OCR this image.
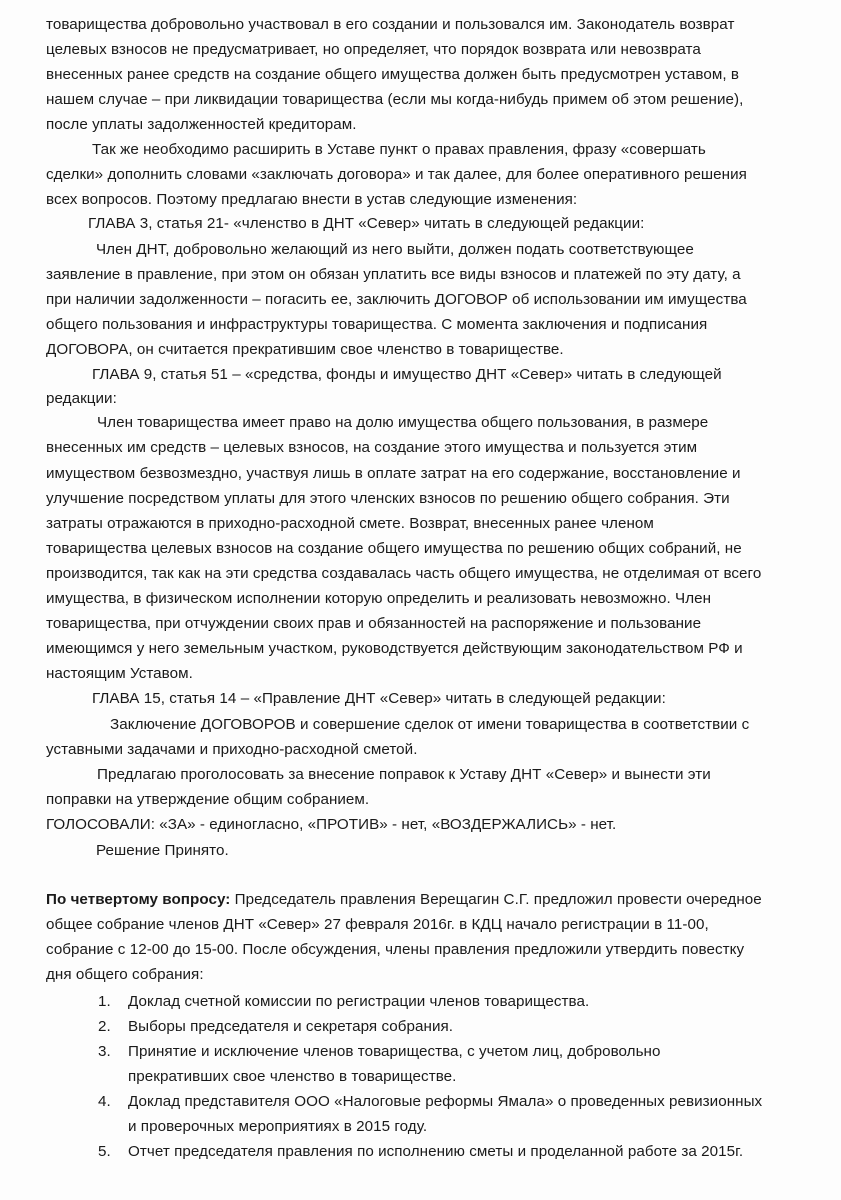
товарищества добровольно участвовал в его создании и пользовался им. Законодатель возврат
целевых взносов не предусматривает, но определяет, что порядок возврата или невозврата
внесенных ранее средств на создание общего имущества должен быть предусмотрен уставом, в
нашем случае – при ликвидации товарищества (если мы когда-нибудь примем об этом решение),
после уплаты задолженностей кредиторам.
Так же необходимо расширить в Уставе пункт о правах правления, фразу «совершать
сделки» дополнить словами «заключать договора» и так далее, для более оперативного решения
всех вопросов. Поэтому предлагаю внести в устав следующие изменения:
ГЛАВА 3, статья 21- «членство в ДНТ «Север» читать в следующей редакции:
Член ДНТ, добровольно желающий из него выйти, должен подать соответствующее
заявление в правление, при этом он обязан уплатить все виды взносов и платежей по эту дату, а
при наличии задолженности – погасить ее, заключить ДОГОВОР об использовании им имущества
общего пользования и инфраструктуры товарищества. С момента заключения и подписания
ДОГОВОРА, он считается прекратившим свое членство в товариществе.
ГЛАВА 9, статья 51 – «средства, фонды и имущество ДНТ «Север» читать в следующей
редакции:
Член товарищества имеет право на долю имущества общего пользования, в размере
внесенных им средств – целевых взносов, на создание этого имущества и пользуется этим
имуществом безвозмездно, участвуя лишь в оплате затрат на его содержание, восстановление и
улучшение посредством уплаты для этого членских взносов по решению общего собрания. Эти
затраты отражаются в приходно-расходной смете. Возврат, внесенных ранее членом
товарищества целевых взносов на создание общего имущества по решению общих собраний, не
производится, так как на эти средства создавалась часть общего имущества, не отделимая от всего
имущества, в физическом исполнении которую определить и реализовать невозможно. Член
товарищества, при отчуждении своих прав и обязанностей на распоряжение и пользование
имеющимся у него земельным участком, руководствуется действующим законодательством РФ и
настоящим Уставом.
ГЛАВА 15, статья 14 – «Правление ДНТ «Север» читать в следующей редакции:
Заключение ДОГОВОРОВ и совершение сделок от имени товарищества в соответствии с
уставными задачами и приходно-расходной сметой.
Предлагаю проголосовать за внесение поправок к Уставу ДНТ «Север» и вынести эти
поправки на утверждение общим собранием.
ГОЛОСОВАЛИ: «ЗА» - единогласно, «ПРОТИВ» - нет, «ВОЗДЕРЖАЛИСЬ» - нет.
Решение Принято.
По четвертому вопросу: Председатель правления Верещагин С.Г. предложил провести очередное
общее собрание членов ДНТ «Север» 27 февраля 2016г. в КДЦ начало регистрации в 11-00,
собрание с 12-00 до 15-00. После обсуждения, члены правления предложили утвердить повестку
дня общего собрания:
1. Доклад счетной комиссии по регистрации членов товарищества.
2. Выборы председателя и секретаря собрания.
3. Принятие и исключение членов товарищества, с учетом лиц, добровольно
прекративших свое членство в товариществе.
4. Доклад представителя ООО «Налоговые реформы Ямала» о проведенных ревизионных
и проверочных мероприятиях в 2015 году.
5. Отчет председателя правления по исполнению сметы и проделанной работе за 2015г.
